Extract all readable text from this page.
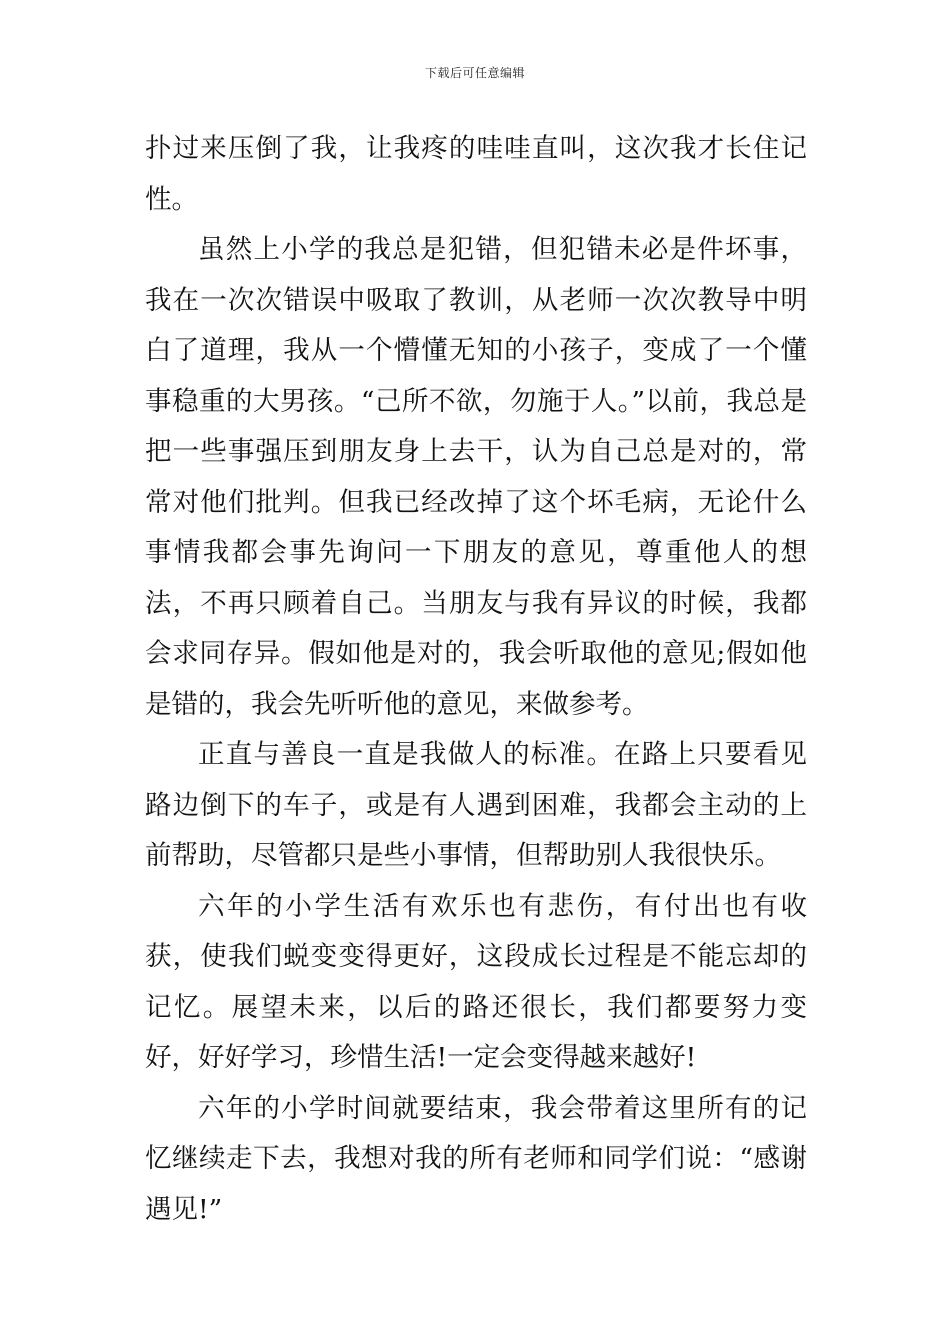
下载后可任意编辑

扑过来压倒了我，让我疼的哇哇直叫，这次我才长住记性。

虽然上小学的我总是犯错，但犯错未必是件坏事，我在一次次错误中吸取了教训，从老师一次次教导中明白了道理，我从一个懵懂无知的小孩子，变成了一个懂事稳重的大男孩。“己所不欲，勿施于人。”以前，我总是把一些事强压到朋友身上去干，认为自己总是对的，常常对他们批判。但我已经改掉了这个坏毛病，无论什么事情我都会事先询问一下朋友的意见，尊重他人的想法，不再只顾着自己。当朋友与我有异议的时候，我都会求同存异。假如他是对的，我会听取他的意见;假如他是错的，我会先听听他的意见，来做参考。

正直与善良一直是我做人的标准。在路上只要看见路边倒下的车子，或是有人遇到困难，我都会主动的上前帮助，尽管都只是些小事情，但帮助别人我很快乐。

六年的小学生活有欢乐也有悲伤，有付出也有收获，使我们蜕变变得更好，这段成长过程是不能忘却的记忆。展望未来，以后的路还很长，我们都要努力变好，好好学习，珍惜生活!一定会变得越来越好!

六年的小学时间就要结束，我会带着这里所有的记忆继续走下去，我想对我的所有老师和同学们说：“感谢遇见!”
